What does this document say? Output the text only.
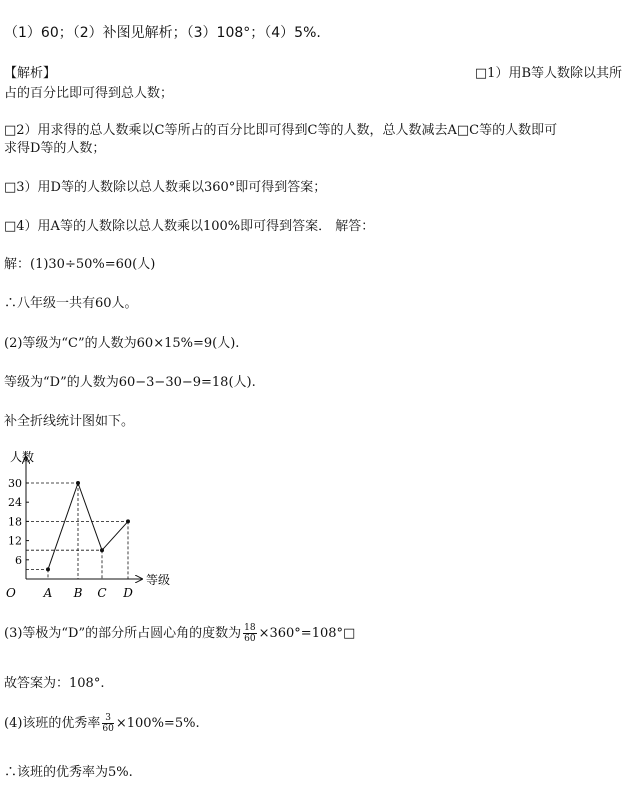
（1）60；（2）补图见解析；（3）108°；（4）5%.
【解析】	□1）用B等人数除以其所
占的百分比即可得到总人数；
□2）用求得的总人数乘以C等所占的百分比即可得到C等的人数，总人数减去A□C等的人数即可
求得D等的人数；
□3）用D等的人数除以总人数乘以360°即可得到答案；
□4）用A等的人数除以总人数乘以100%即可得到答案． 解答：
解：(1)30÷50%=60(人)
∴八年级一共有60人。
(2)等级为“C”的人数为60×15%=9(人).
等级为“D”的人数为60−3−30−9=18(人).
补全折线统计图如下。
人数
等级
O
6
12
18
24
30
A B C D
(3)等极为“D”的部分所占圆心角的度数为 $\frac{18}{60}$ ×360°=108°□
故答案为：108°.
(4)该班的优秀率 $\frac{3}{60} \times 100\%=5\%$.
∴该班的优秀率为5%.
